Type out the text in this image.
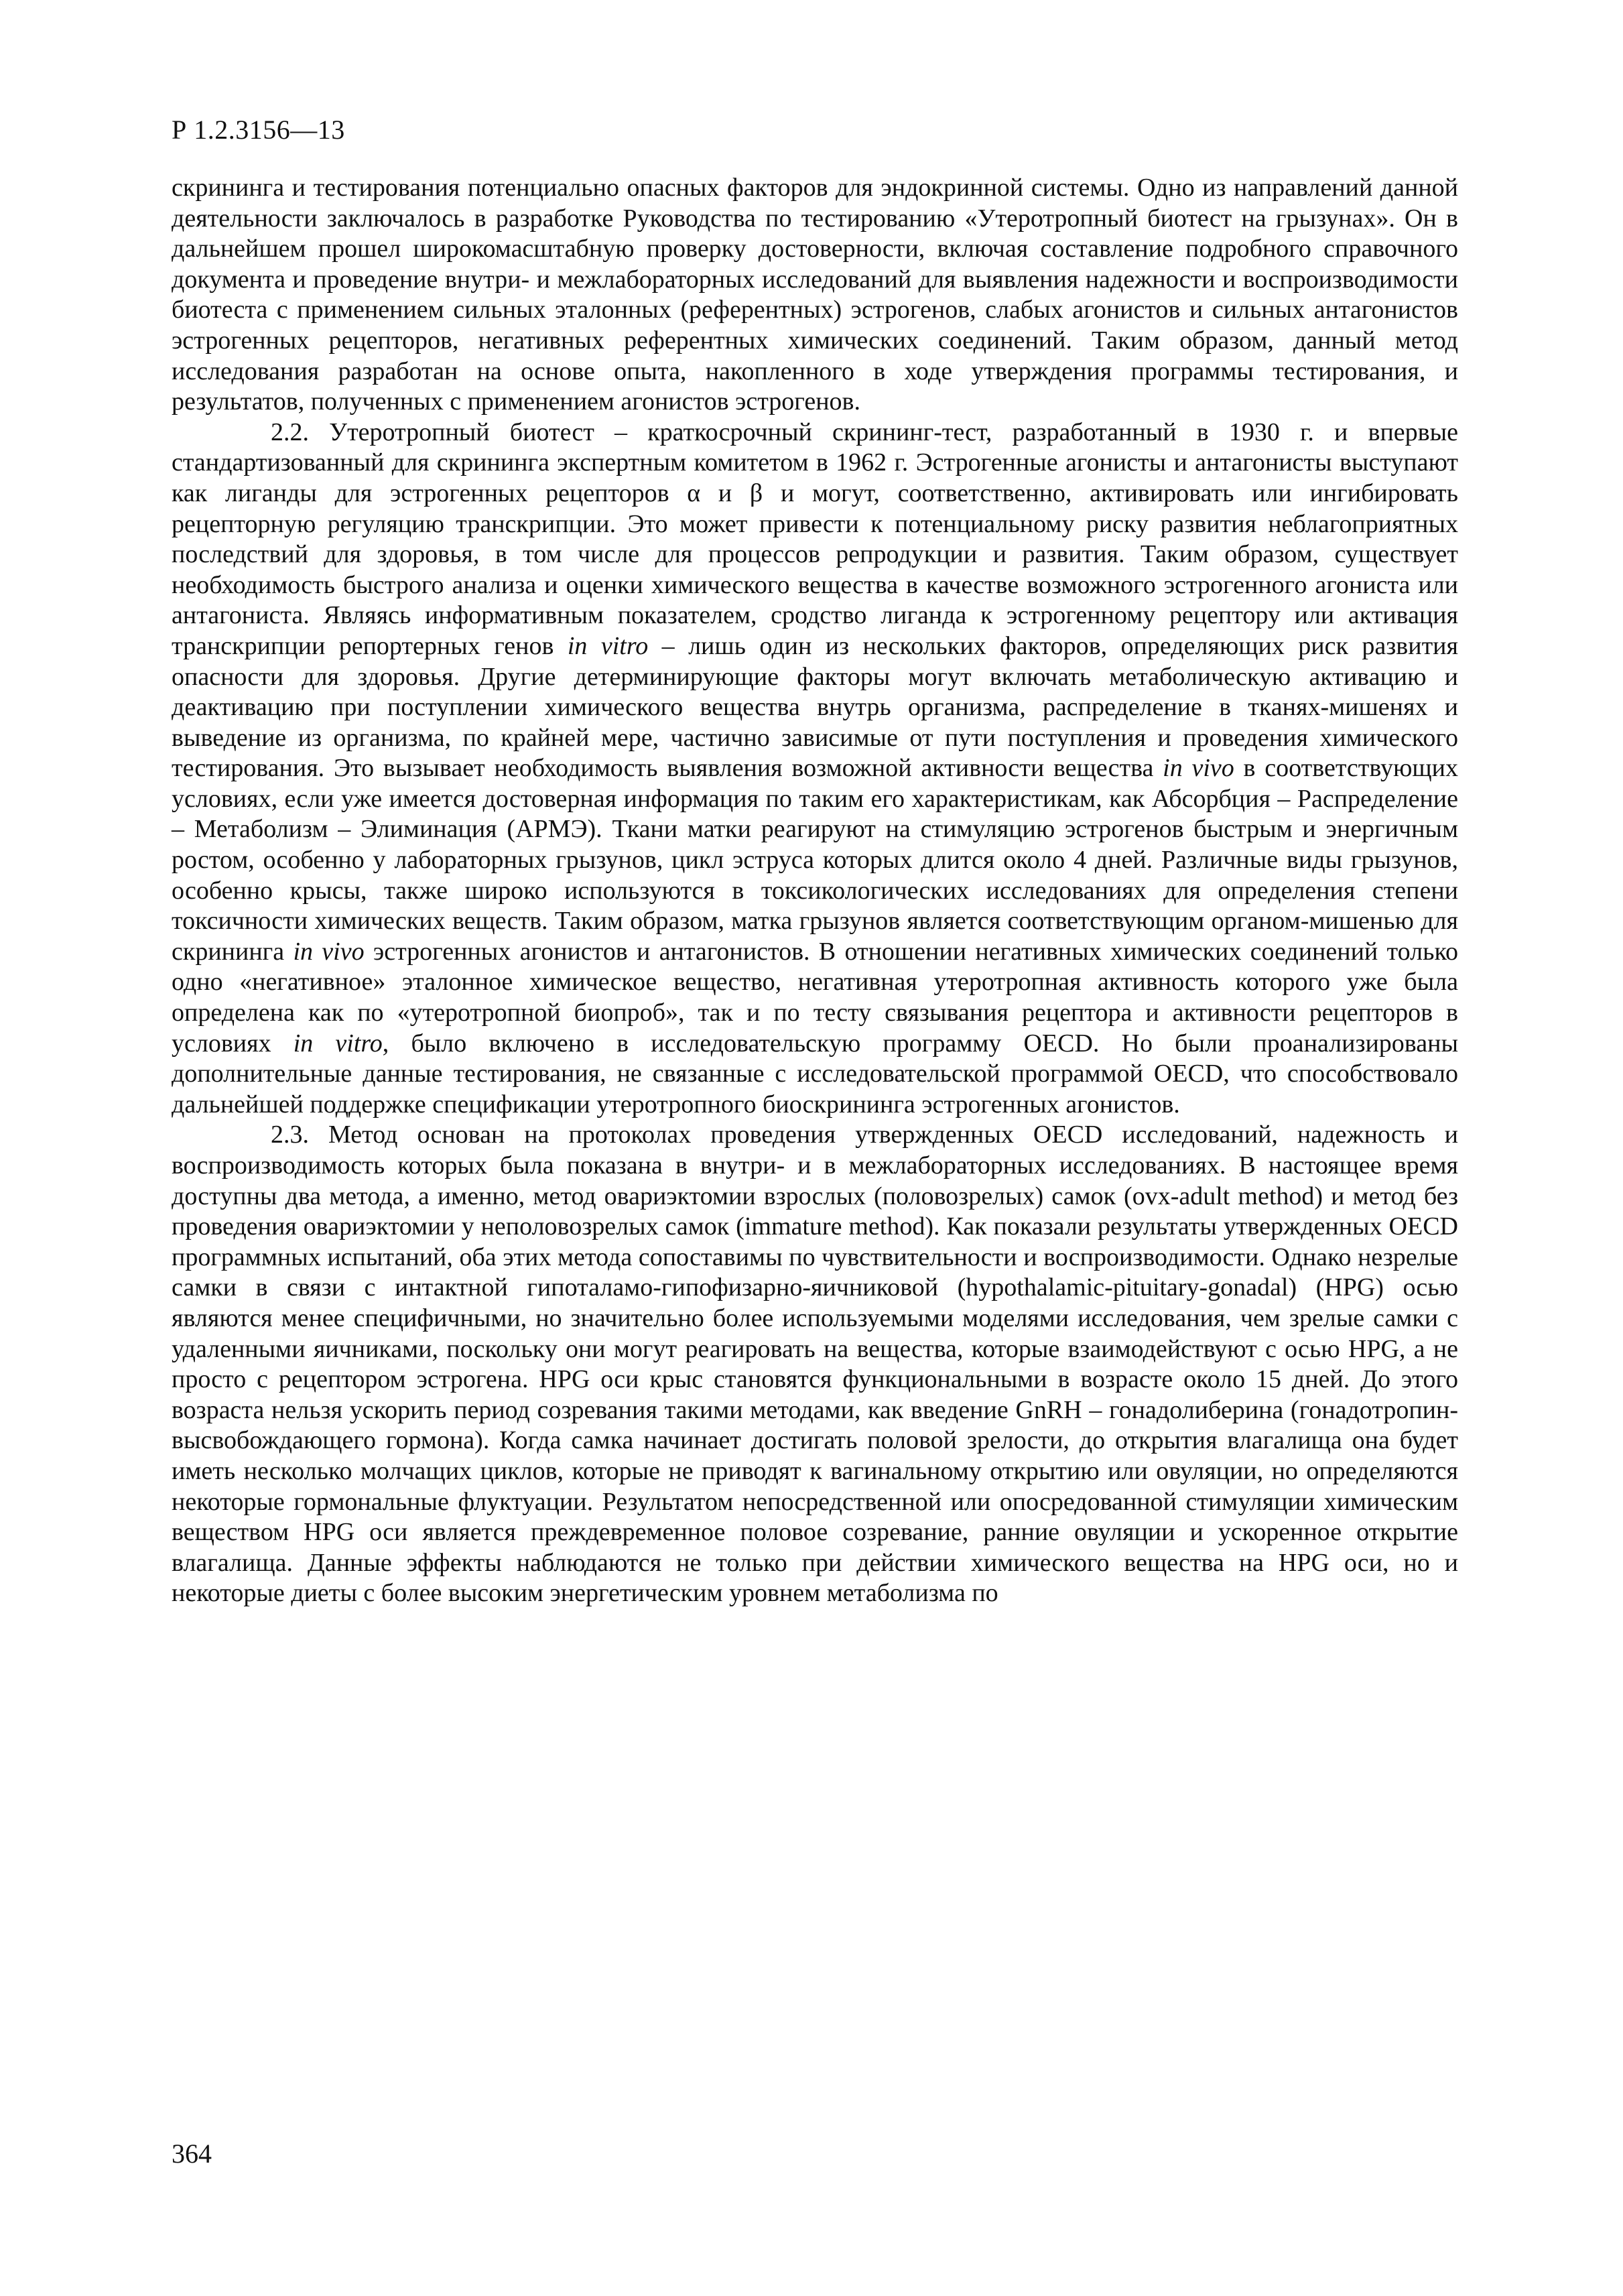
Р 1.2.3156—13

скрининга и тестирования потенциально опасных факторов для эндокринной системы. Одно из направлений данной деятельности заключалось в разработке Руководства по тестированию «Утеротропный биотест на грызунах». Он в дальнейшем прошел широкомасштабную проверку достоверности, включая составление подробного справочного документа и проведение внутри- и межлабораторных исследований для выявления надежности и воспроизводимости биотеста с применением сильных эталонных (референтных) эстрогенов, слабых агонистов и сильных антагонистов эстрогенных рецепторов, негативных референтных химических соединений. Таким образом, данный метод исследования разработан на основе опыта, накопленного в ходе утверждения программы тестирования, и результатов, полученных с применением агонистов эстрогенов.

2.2. Утеротропный биотест – краткосрочный скрининг-тест, разработанный в 1930 г. и впервые стандартизованный для скрининга экспертным комитетом в 1962 г. Эстрогенные агонисты и антагонисты выступают как лиганды для эстрогенных рецепторов α и β и могут, соответственно, активировать или ингибировать рецепторную регуляцию транскрипции. Это может привести к потенциальному риску развития неблагоприятных последствий для здоровья, в том числе для процессов репродукции и развития. Таким образом, существует необходимость быстрого анализа и оценки химического вещества в качестве возможного эстрогенного агониста или антагониста. Являясь информативным показателем, сродство лиганда к эстрогенному рецептору или активация транскрипции репортерных генов in vitro – лишь один из нескольких факторов, определяющих риск развития опасности для здоровья. Другие детерминирующие факторы могут включать метаболическую активацию и деактивацию при поступлении химического вещества внутрь организма, распределение в тканях-мишенях и выведение из организма, по крайней мере, частично зависимые от пути поступления и проведения химического тестирования. Это вызывает необходимость выявления возможной активности вещества in vivo в соответствующих условиях, если уже имеется достоверная информация по таким его характеристикам, как Абсорбция – Распределение – Метаболизм – Элиминация (АРМЭ). Ткани матки реагируют на стимуляцию эстрогенов быстрым и энергичным ростом, особенно у лабораторных грызунов, цикл эструса которых длится около 4 дней. Различные виды грызунов, особенно крысы, также широко используются в токсикологических исследованиях для определения степени токсичности химических веществ. Таким образом, матка грызунов является соответствующим органом-мишенью для скрининга in vivo эстрогенных агонистов и антагонистов. В отношении негативных химических соединений только одно «негативное» эталонное химическое вещество, негативная утеротропная активность которого уже была определена как по «утеротропной биопроб», так и по тесту связывания рецептора и активности рецепторов в условиях in vitro, было включено в исследовательскую программу OECD. Но были проанализированы дополнительные данные тестирования, не связанные с исследовательской программой OECD, что способствовало дальнейшей поддержке спецификации утеротропного биоскрининга эстрогенных агонистов.

2.3. Метод основан на протоколах проведения утвержденных OECD исследований, надежность и воспроизводимость которых была показана в внутри- и в межлабораторных исследованиях. В настоящее время доступны два метода, а именно, метод овариэктомии взрослых (половозрелых) самок (ovx-adult method) и метод без проведения овариэктомии у неполовозрелых самок (immature method). Как показали результаты утвержденных OECD программных испытаний, оба этих метода сопоставимы по чувствительности и воспроизводимости. Однако незрелые самки в связи с интактной гипоталамо-гипофизарно-яичниковой (hypothalamic-pituitary-gonadal) (HPG) осью являются менее специфичными, но значительно более используемыми моделями исследования, чем зрелые самки с удаленными яичниками, поскольку они могут реагировать на вещества, которые взаимодействуют с осью HPG, а не просто с рецептором эстрогена. HPG оси крыс становятся функциональными в возрасте около 15 дней. До этого возраста нельзя ускорить период созревания такими методами, как введение GnRH – гонадолиберина (гонадотропин-высвобождающего гормона). Когда самка начинает достигать половой зрелости, до открытия влагалища она будет иметь несколько молчащих циклов, которые не приводят к вагинальному открытию или овуляции, но определяются некоторые гормональные флуктуации. Результатом непосредственной или опосредованной стимуляции химическим веществом HPG оси является преждевременное половое созревание, ранние овуляции и ускоренное открытие влагалища. Данные эффекты наблюдаются не только при действии химического вещества на HPG оси, но и некоторые диеты с более высоким энергетическим уровнем метаболизма по

364
